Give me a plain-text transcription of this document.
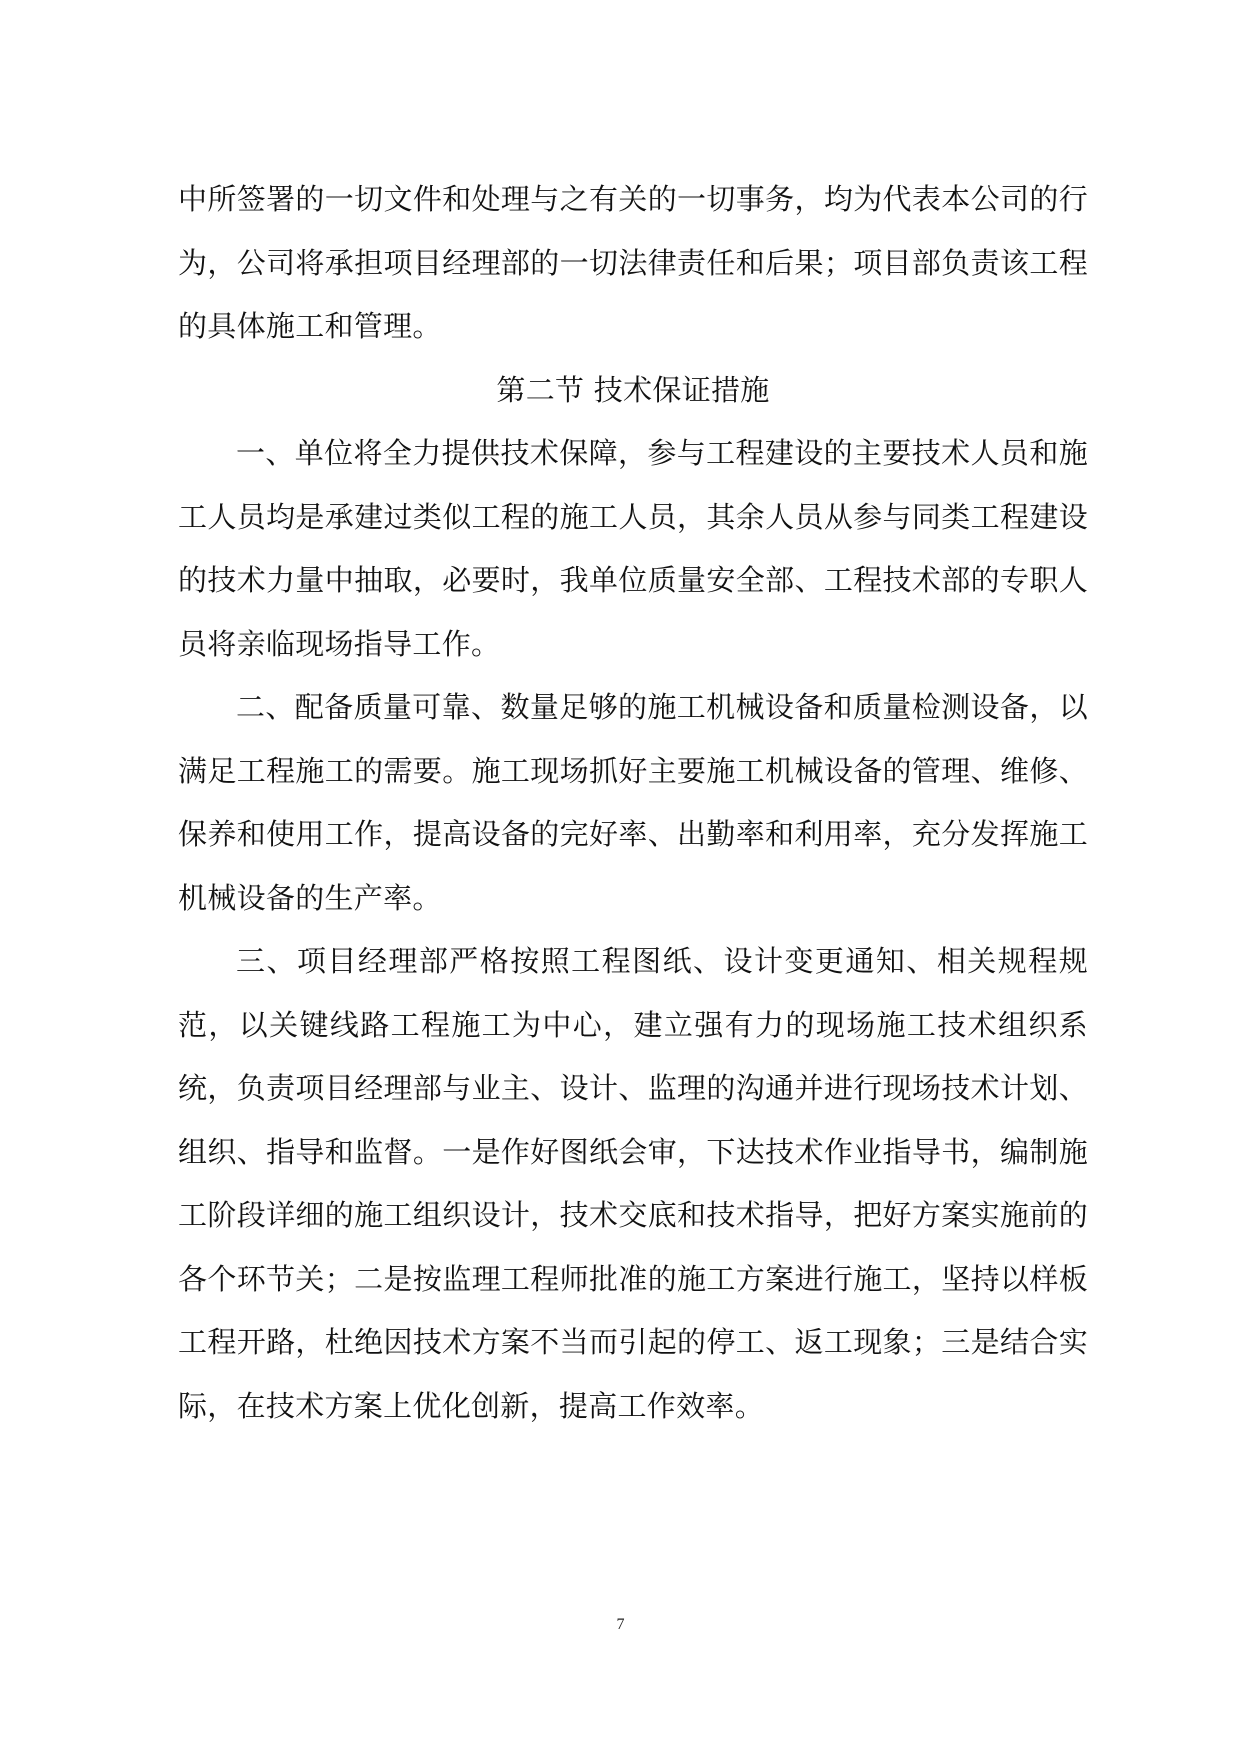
中所签署的一切文件和处理与之有关的一切事务，均为代表本公司的行为，公司将承担项目经理部的一切法律责任和后果；项目部负责该工程的具体施工和管理。

第二节 技术保证措施

一、单位将全力提供技术保障，参与工程建设的主要技术人员和施工人员均是承建过类似工程的施工人员，其余人员从参与同类工程建设的技术力量中抽取，必要时，我单位质量安全部、工程技术部的专职人员将亲临现场指导工作。

二、配备质量可靠、数量足够的施工机械设备和质量检测设备，以满足工程施工的需要。施工现场抓好主要施工机械设备的管理、维修、保养和使用工作，提高设备的完好率、出勤率和利用率，充分发挥施工机械设备的生产率。

三、项目经理部严格按照工程图纸、设计变更通知、相关规程规范，以关键线路工程施工为中心，建立强有力的现场施工技术组织系统，负责项目经理部与业主、设计、监理的沟通并进行现场技术计划、组织、指导和监督。一是作好图纸会审，下达技术作业指导书，编制施工阶段详细的施工组织设计，技术交底和技术指导，把好方案实施前的各个环节关；二是按监理工程师批准的施工方案进行施工，坚持以样板工程开路，杜绝因技术方案不当而引起的停工、返工现象；三是结合实际，在技术方案上优化创新，提高工作效率。

7
